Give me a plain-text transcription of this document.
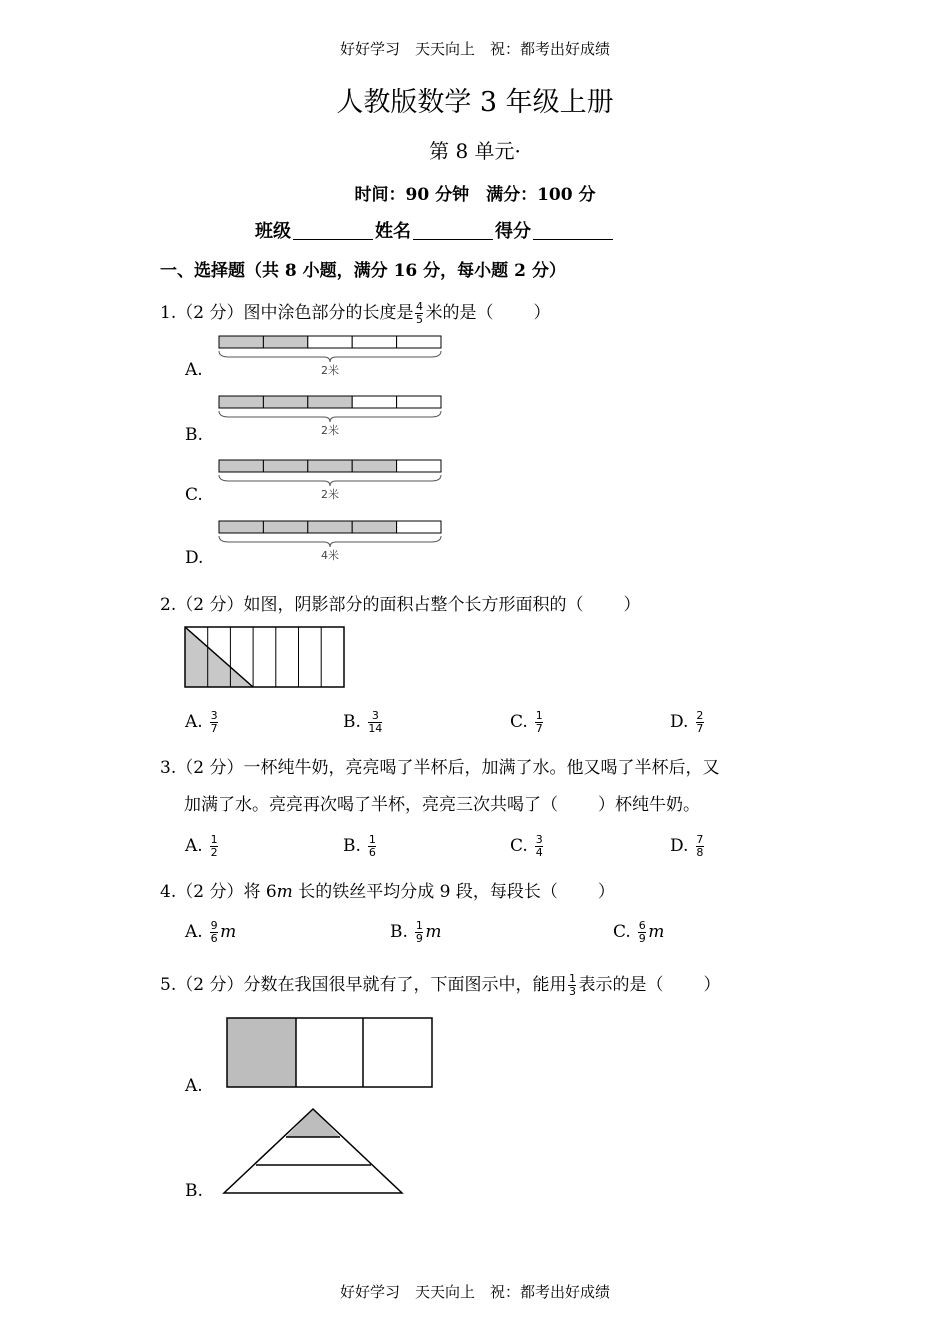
好好学习　天天向上　祝：都考出好成绩
人教版数学 3 年级上册
第 8 单元·
时间：90 分钟　满分：100 分
班级	姓名	得分
一、选择题（共 8 小题，满分 16 分，每小题 2 分）
1.（2 分）图中涂色部分的长度是 $\frac{4}{5}$ 米的是（ ）
A.	2米
B.	2米
C.	2米
D.	4米
2.（2 分）如图，阴影部分的面积占整个长方形面积的（ ）
A. $\frac{3}{7}$	B. $\frac{3}{14}$	C. $\frac{1}{7}$	D. $\frac{2}{7}$
3.（2 分）一杯纯牛奶，亮亮喝了半杯后，加满了水。他又喝了半杯后，又
加满了水。亮亮再次喝了半杯，亮亮三次共喝了（ ）杯纯牛奶。
A. $\frac{1}{2}$	B. $\frac{1}{6}$	C. $\frac{3}{4}$	D. $\frac{7}{8}$
4.（2 分）将 6m 长的铁丝平均分成 9 段，每段长（ ）
A. $\frac{9}{6}$ m	B. $\frac{1}{9}$ m	C. $\frac{6}{9}$ m
5.（2 分）分数在我国很早就有了，下面图示中，能用 $\frac{1}{3}$ 表示的是（ ）
A.
B.
好好学习　天天向上　祝：都考出好成绩
